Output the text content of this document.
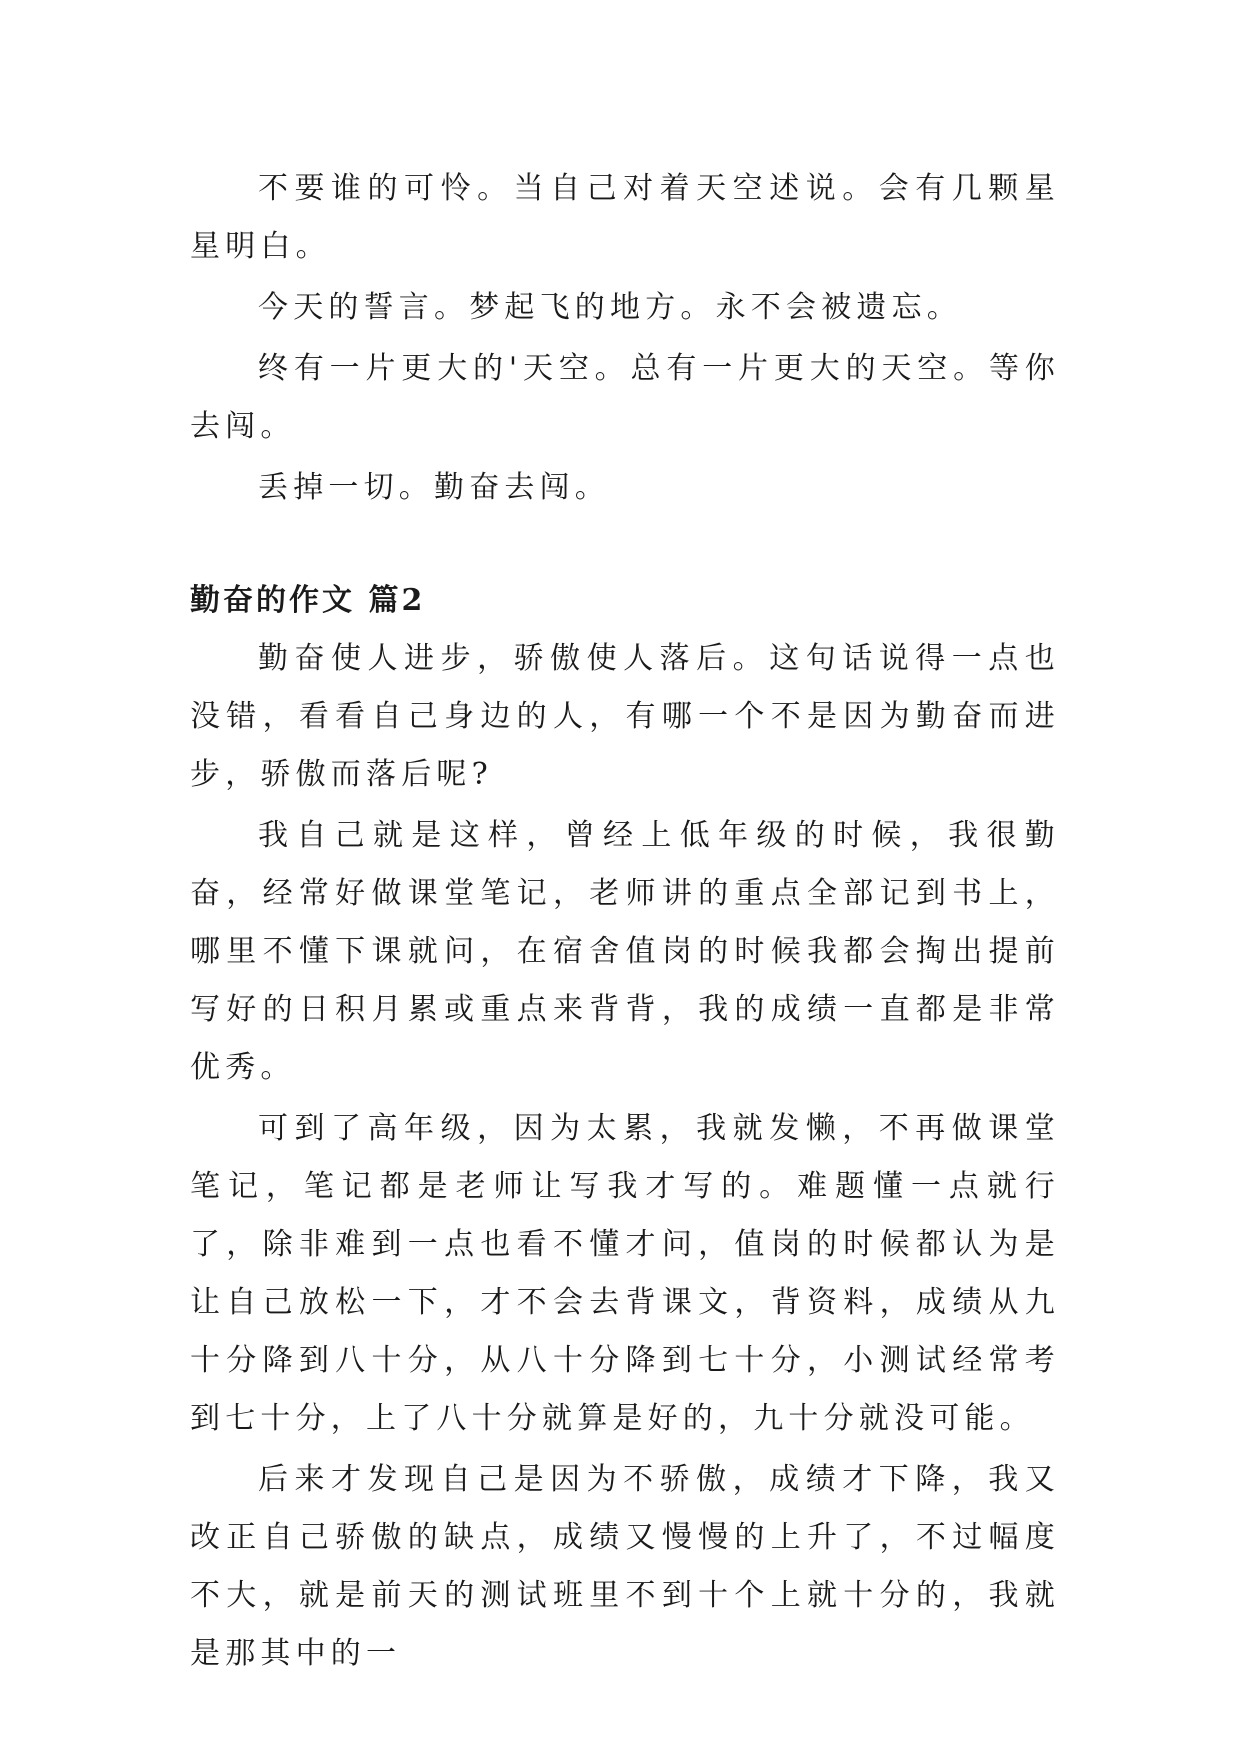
不要谁的可怜。当自己对着天空述说。会有几颗星星明白。

今天的誓言。梦起飞的地方。永不会被遗忘。

终有一片更大的'天空。总有一片更大的天空。等你去闯。

丢掉一切。勤奋去闯。

勤奋的作文 篇2

勤奋使人进步，骄傲使人落后。这句话说得一点也没错，看看自己身边的人，有哪一个不是因为勤奋而进步，骄傲而落后呢?

我自己就是这样，曾经上低年级的时候，我很勤奋，经常好做课堂笔记，老师讲的重点全部记到书上，哪里不懂下课就问，在宿舍值岗的时候我都会掏出提前写好的日积月累或重点来背背，我的成绩一直都是非常优秀。

可到了高年级，因为太累，我就发懒，不再做课堂笔记，笔记都是老师让写我才写的。难题懂一点就行了，除非难到一点也看不懂才问，值岗的时候都认为是让自己放松一下，才不会去背课文，背资料，成绩从九十分降到八十分，从八十分降到七十分，小测试经常考到七十分，上了八十分就算是好的，九十分就没可能。

后来才发现自己是因为不骄傲，成绩才下降，我又改正自己骄傲的缺点，成绩又慢慢的上升了，不过幅度不大，就是前天的测试班里不到十个上就十分的，我就是那其中的一
